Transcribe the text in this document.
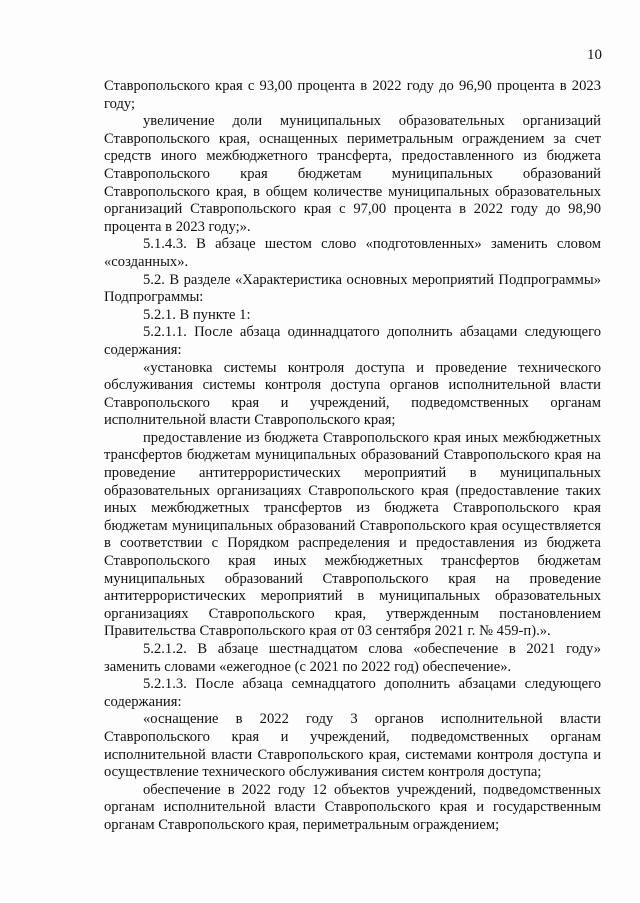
10

Ставропольского края с 93,00 процента в 2022 году до 96,90 процента в 2023 году;

увеличение доли муниципальных образовательных организаций Ставропольского края, оснащенных периметральным ограждением за счет средств иного межбюджетного трансферта, предоставленного из бюджета Ставропольского края бюджетам муниципальных образований Ставропольского края, в общем количестве муниципальных образовательных организаций Ставропольского края с 97,00 процента в 2022 году до 98,90 процента в 2023 году;».

5.1.4.3. В абзаце шестом слово «подготовленных» заменить словом «созданных».

5.2. В разделе «Характеристика основных мероприятий Подпрограммы» Подпрограммы:

5.2.1. В пункте 1:

5.2.1.1. После абзаца одиннадцатого дополнить абзацами следующего содержания:

«установка системы контроля доступа и проведение технического обслуживания системы контроля доступа органов исполнительной власти Ставропольского края и учреждений, подведомственных органам исполнительной власти Ставропольского края;

предоставление из бюджета Ставропольского края иных межбюджетных трансфертов бюджетам муниципальных образований Ставропольского края на проведение антитеррористических мероприятий в муниципальных образовательных организациях Ставропольского края (предоставление таких иных межбюджетных трансфертов из бюджета Ставропольского края бюджетам муниципальных образований Ставропольского края осуществляется в соответствии с Порядком распределения и предоставления из бюджета Ставропольского края иных межбюджетных трансфертов бюджетам муниципальных образований Ставропольского края на проведение антитеррористических мероприятий в муниципальных образовательных организациях Ставропольского края, утвержденным постановлением Правительства Ставропольского края от 03 сентября 2021 г. № 459-п).».

5.2.1.2. В абзаце шестнадцатом слова «обеспечение в 2021 году» заменить словами «ежегодное (с 2021 по 2022 год) обеспечение».

5.2.1.3. После абзаца семнадцатого дополнить абзацами следующего содержания:

«оснащение в 2022 году 3 органов исполнительной власти Ставропольского края и учреждений, подведомственных органам исполнительной власти Ставропольского края, системами контроля доступа и осуществление технического обслуживания систем контроля доступа;

обеспечение в 2022 году 12 объектов учреждений, подведомственных органам исполнительной власти Ставропольского края и государственным органам Ставропольского края, периметральным ограждением;
